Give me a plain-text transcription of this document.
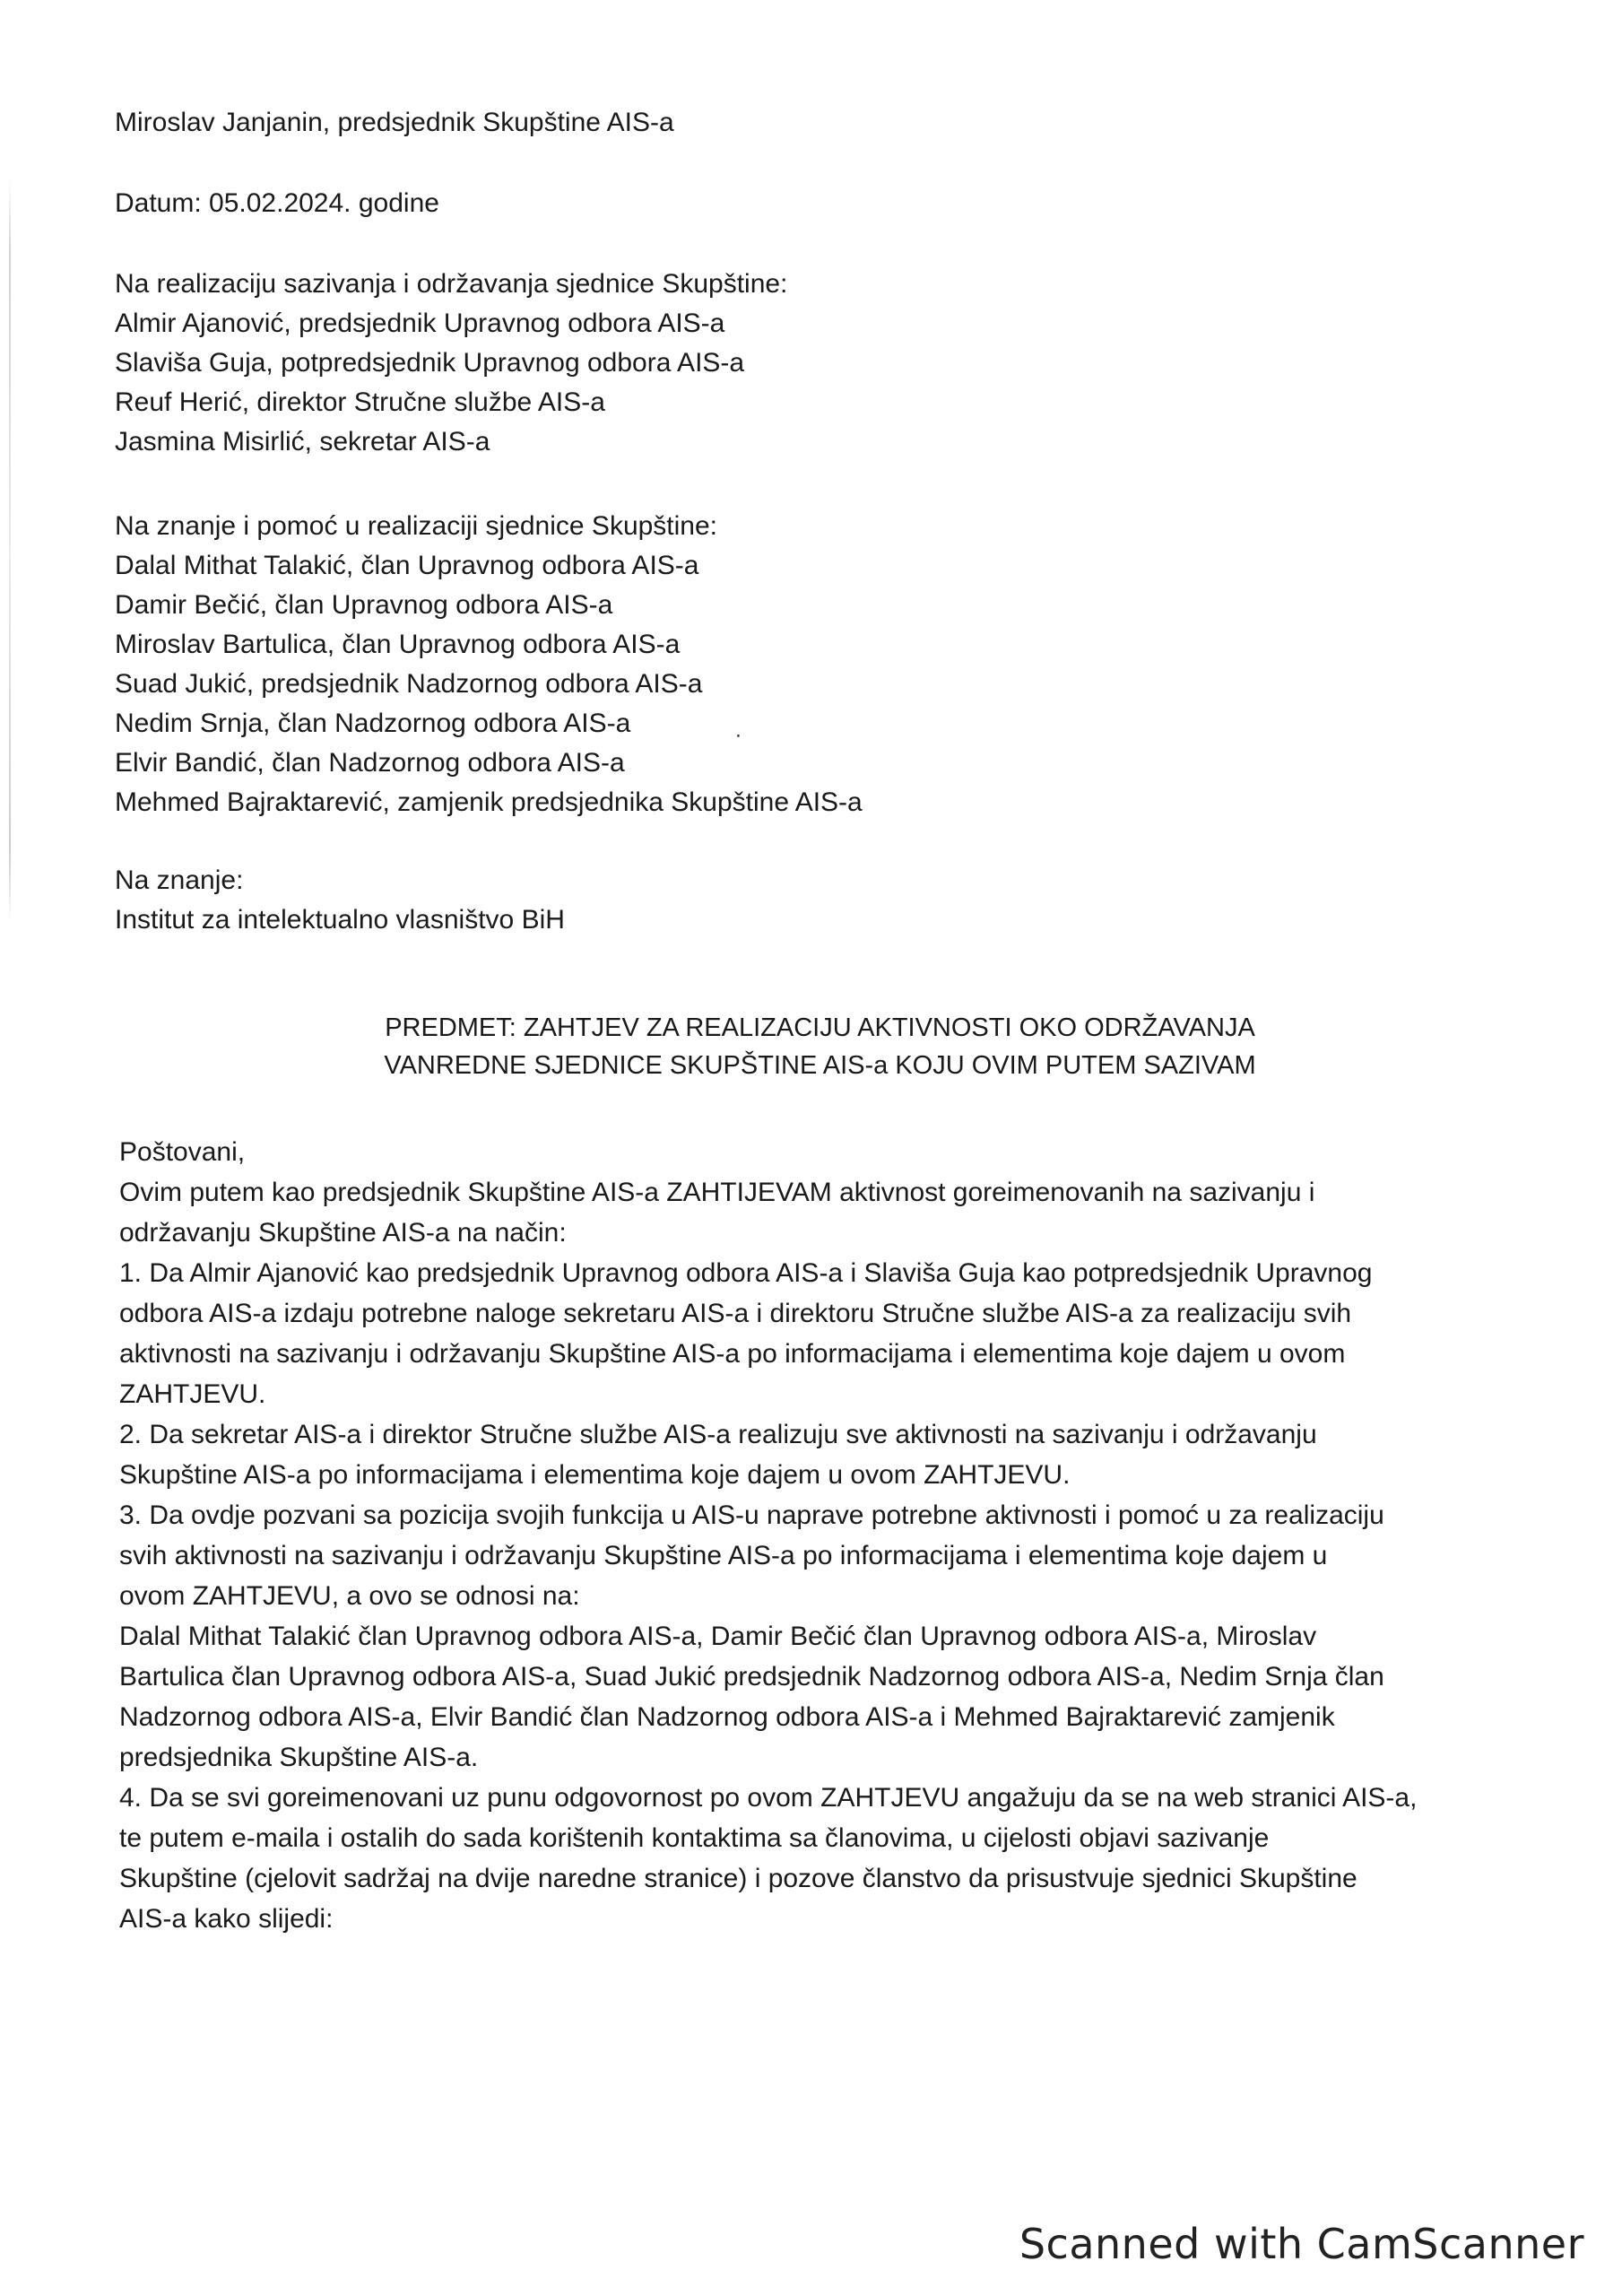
Miroslav Janjanin, predsjednik Skupštine AIS-a
Datum: 05.02.2024. godine
Na realizaciju sazivanja i održavanja sjednice Skupštine:
Almir Ajanović, predsjednik Upravnog odbora AIS-a
Slaviša Guja, potpredsjednik Upravnog odbora AIS-a
Reuf Herić, direktor Stručne službe AIS-a
Jasmina Misirlić, sekretar AIS-a
Na znanje i pomoć u realizaciji sjednice Skupštine:
Dalal Mithat Talakić, član Upravnog odbora AIS-a
Damir Bečić, član Upravnog odbora AIS-a
Miroslav Bartulica, član Upravnog odbora AIS-a
Suad Jukić, predsjednik Nadzornog odbora AIS-a
Nedim Srnja, član Nadzornog odbora AIS-a
Elvir Bandić, član Nadzornog odbora AIS-a
Mehmed Bajraktarević, zamjenik predsjednika Skupštine AIS-a
⋅
Na znanje:
Institut za intelektualno vlasništvo BiH
PREDMET: ZAHTJEV ZA REALIZACIJU AKTIVNOSTI OKO ODRŽAVANJA
VANREDNE SJEDNICE SKUPŠTINE AIS-a KOJU OVIM PUTEM SAZIVAM
Poštovani,
Ovim putem kao predsjednik Skupštine AIS-a ZAHTIJEVAM aktivnost goreimenovanih na sazivanju i
održavanju Skupštine AIS-a na način:
1. Da Almir Ajanović kao predsjednik Upravnog odbora AIS-a i Slaviša Guja kao potpredsjednik Upravnog
odbora AIS-a izdaju potrebne naloge sekretaru AIS-a i direktoru Stručne službe AIS-a za realizaciju svih
aktivnosti na sazivanju i održavanju Skupštine AIS-a po informacijama i elementima koje dajem u ovom
ZAHTJEVU.
2. Da sekretar AIS-a i direktor Stručne službe AIS-a realizuju sve aktivnosti na sazivanju i održavanju
Skupštine AIS-a po informacijama i elementima koje dajem u ovom ZAHTJEVU.
3. Da ovdje pozvani sa pozicija svojih funkcija u AIS-u naprave potrebne aktivnosti i pomoć u za realizaciju
svih aktivnosti na sazivanju i održavanju Skupštine AIS-a po informacijama i elementima koje dajem u
ovom ZAHTJEVU, a ovo se odnosi na:
Dalal Mithat Talakić član Upravnog odbora AIS-a, Damir Bečić član Upravnog odbora AIS-a, Miroslav
Bartulica član Upravnog odbora AIS-a, Suad Jukić predsjednik Nadzornog odbora AIS-a, Nedim Srnja član
Nadzornog odbora AIS-a, Elvir Bandić član Nadzornog odbora AIS-a i Mehmed Bajraktarević zamjenik
predsjednika Skupštine AIS-a.
4. Da se svi goreimenovani uz punu odgovornost po ovom ZAHTJEVU angažuju da se na web stranici AIS-a,
te putem e-maila i ostalih do sada korištenih kontaktima sa članovima, u cijelosti objavi sazivanje
Skupštine (cjelovit sadržaj na dvije naredne stranice) i pozove članstvo da prisustvuje sjednici Skupštine
AIS-a kako slijedi:
Scanned with CamScanner
